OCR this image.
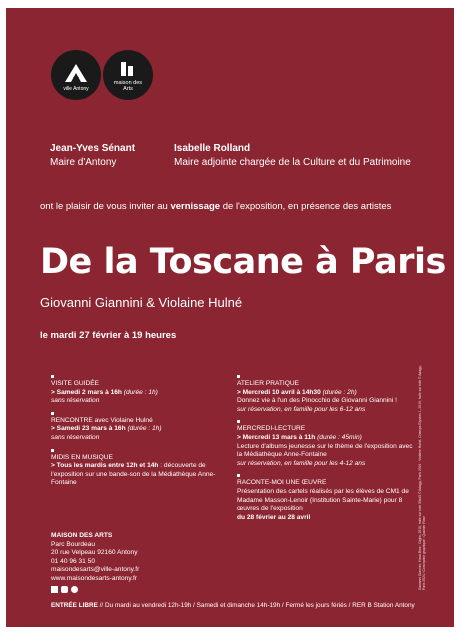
ville Antony
maison des Arts
Jean-Yves Sénant
Maire d'Antony
Isabelle Rolland
Maire adjointe chargée de la Culture et du Patrimoine
ont le plaisir de vous inviter au vernissage de l'exposition, en présence des artistes
De la Toscane à Paris
Giovanni Giannini & Violaine Hulné
le mardi 27 février à 19 heures
VISITE GUIDÉE
> Samedi 2 mars à 16h (durée : 1h)
sans réservation
RENCONTRE avec Violaine Hulné
> Samedi 23 mars à 16h (durée : 1h)
sans réservation
MIDIS EN MUSIQUE
> Tous les mardis entre 12h et 14h : découverte de l'exposition sur une bande-son de la Médiathèque Anne-Fontaine
ATELIER PRATIQUE
> Mercredi 10 avril à 14h30 (durée : 2h)
Donnez vie à l'un des Pinocchio de Giovanni Giannini !
sur réservation, en famille pour les 6-12 ans
MERCREDI-LECTURE
> Mercredi 13 mars à 11h (durée : 45min)
Lecture d'albums jeunesse sur le thème de l'exposition avec la Médiathèque Anne-Fontaine
sur réservation, en famille pour les 4-12 ans
RACONTE-MOI UNE ŒUVRE
Présentation des cartels réalisés par les élèves de CM1 de Madame Masson-Lenoir (Institution Sainte-Marie) pour 8 œuvres de l'exposition
du 28 février au 28 avril
MAISON DES ARTS
Parc Bourdeau
20 rue Velpeau 92160 Antony
01 40 96 31 50
maisondesarts@ville-antony.fr
www.maisondesarts-antony.fr
ENTRÉE LIBRE // Du mardi au vendredi 12h-19h / Samedi et dimanche 14h-19h / Fermé les jours fériés / RER B Station Antony
Giovanni Giannini, Vieux Bois · Giglio, 2018, huile sur toile 50x40 © Adagp, Paris 2024 · Violaine Hulné, Champs Elysées 1, 2019, huile sur toile © Adagp, Paris 2024 / Conception graphique : Quartier Rose
